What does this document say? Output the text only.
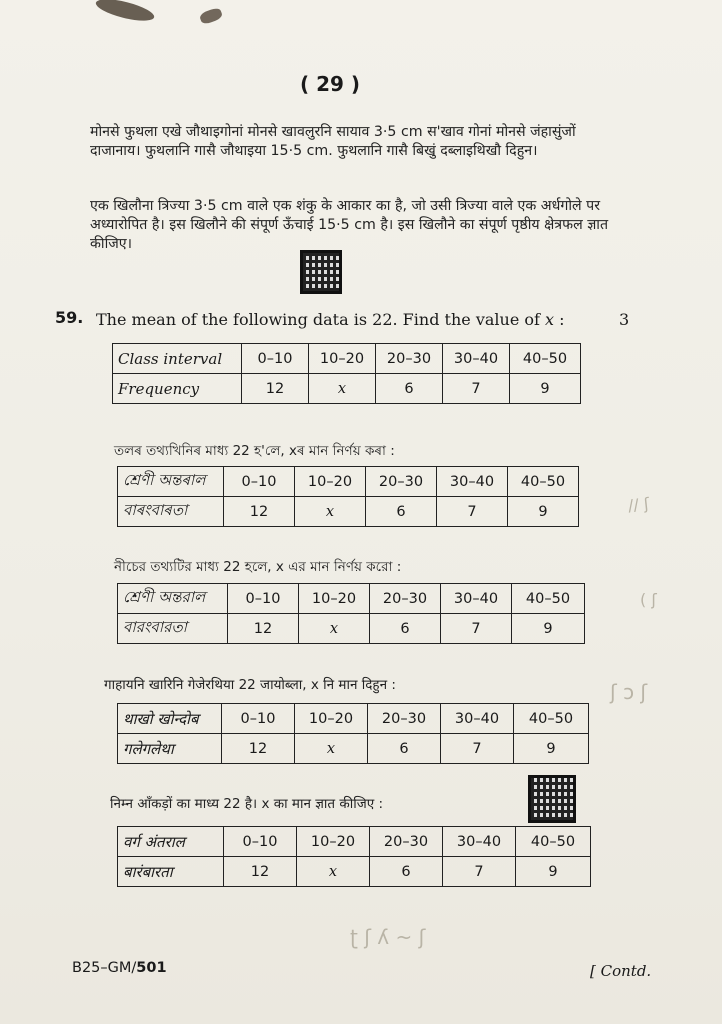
( 29 )
मोनसे फुथला एखे जौथाइगोनां मोनसे खावलुरनि सायाव 3·5 cm स'खाव गोनां मोनसे जंहासुंजों दाजानाय। फुथलानि गासै जौथाइया 15·5 cm. फुथलानि गासै बिखुं दब्लाइथिखौ दिहुन।
एक खिलौना त्रिज्या 3·5 cm वाले एक शंकु के आकार का है, जो उसी त्रिज्या वाले एक अर्धगोले पर अध्यारोपित है। इस खिलौने की संपूर्ण ऊँचाई 15·5 cm है। इस खिलौने का संपूर्ण पृष्ठीय क्षेत्रफल ज्ञात कीजिए।
59. The mean of the following data is 22. Find the value of x :	3
Class interval	0–10	10–20	20–30	30–40	40–50
Frequency	12	x	6	7	9
তলৰ তথ্যখিনিৰ মাধ্য 22 হ'লে, xৰ মান নিৰ্ণয় কৰা :
শ্ৰেণী অন্তৰাল	0–10	10–20	20–30	30–40	40–50
বাৰংবাৰতা	12	x	6	7	9
নীচের তথ্যটির মাধ্য 22 হলে, x এর মান নির্ণয় করো :
শ্রেণী অন্তরাল	0–10	10–20	20–30	30–40	40–50
বারংবারতা	12	x	6	7	9
गाहायनि खारिनि गेजेरथिया 22 जायोब्ला, x नि मान दिहुन :
थाखो खोन्दोब	0–10	10–20	20–30	30–40	40–50
गलेगलेथा	12	x	6	7	9
निम्न आँकड़ों का माध्य 22 है। x का मान ज्ञात कीजिए :
वर्ग अंतराल	0–10	10–20	20–30	30–40	40–50
बारंबारता	12	x	6	7	9
// ʃ
( ʃ
ʃ ɔ ʃ
ʈ ʃ ʎ ~ ʃ
B25–GM/501	[ Contd.
